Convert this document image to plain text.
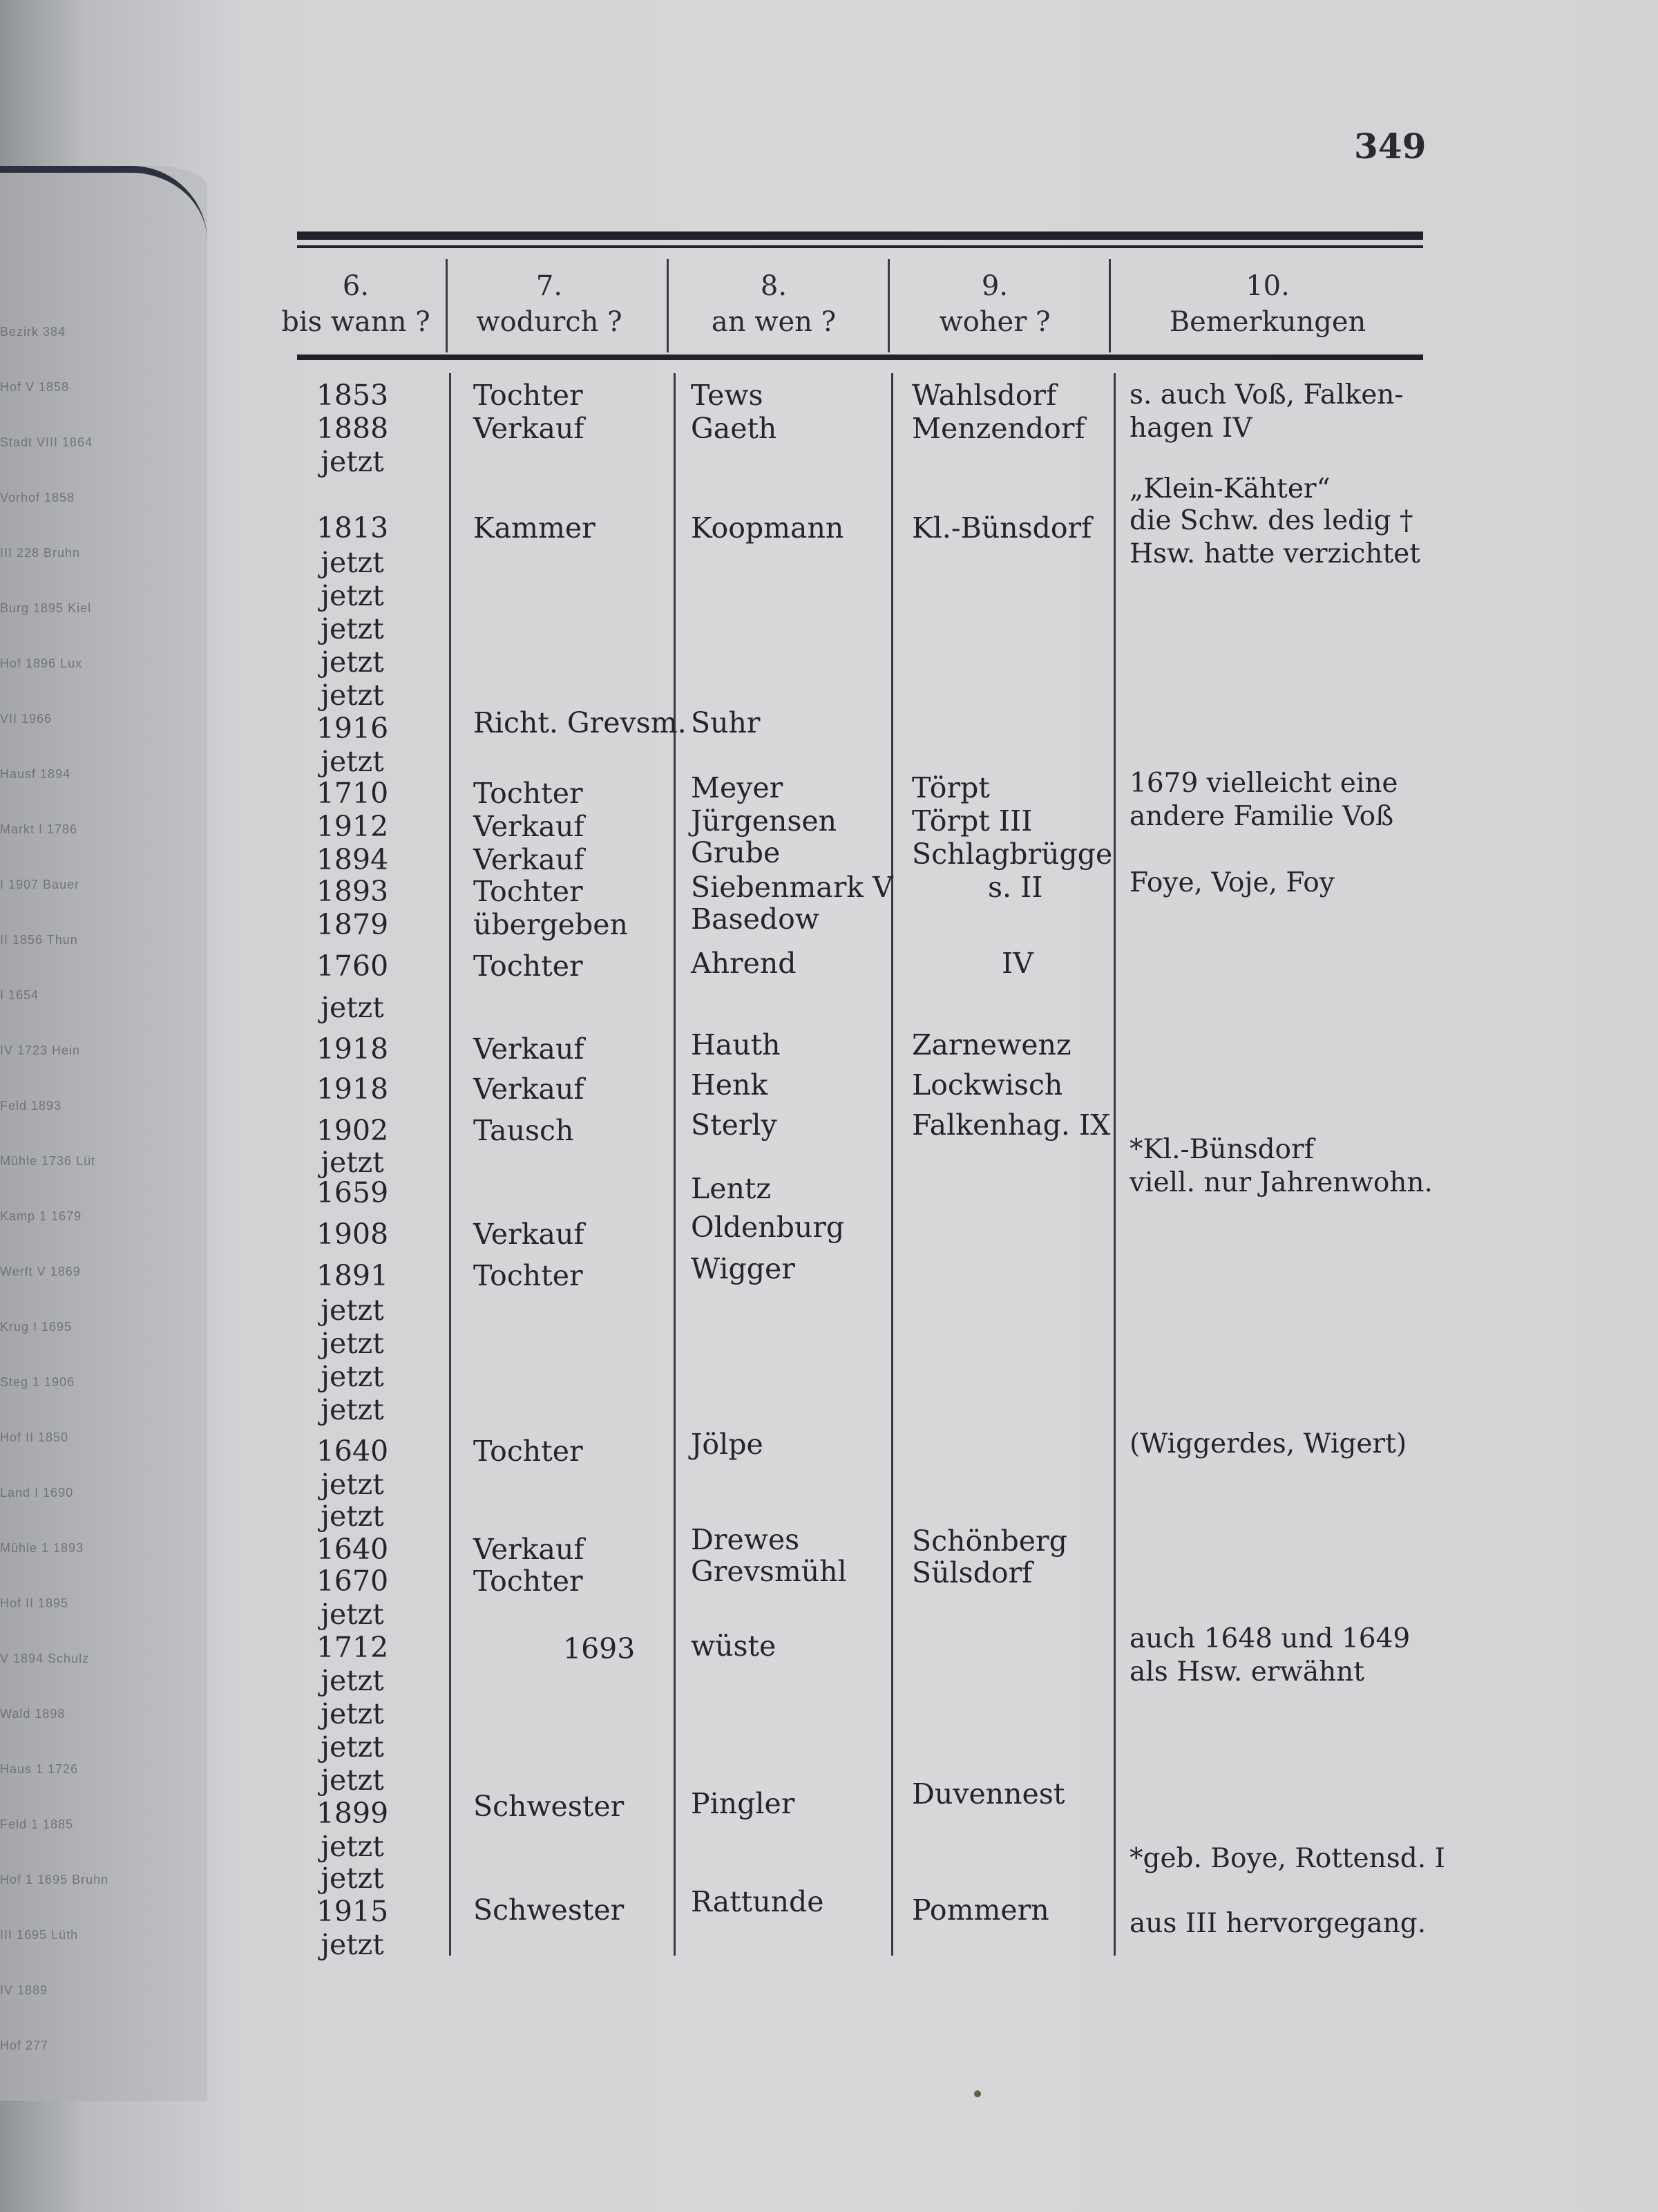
Bezirk 384
Hof V 1858
Stadt VIII 1864
Vorhof 1858
III 228 Bruhn
Burg 1895 Kiel
Hof 1896 Lux
VII 1966
Hausf 1894
Markt I 1786
I 1907 Bauer
II 1856 Thun
I 1654
IV 1723 Hein
Feld 1893
Mühle 1736 Lüt
Kamp 1 1679
Werft V 1869
Krug I 1695
Steg 1 1906
Hof II 1850
Land I 1690
Mühle 1 1893
Hof II 1895
V 1894 Schulz
Wald 1898
Haus 1 1726
Feld 1 1885
Hof 1 1695 Bruhn
III 1695 Lüth
IV 1889
Hof 277
349
6.
bis wann ?
7.
wodurch ?
8.
an wen ?
9.
woher ?
10.
Bemerkungen
1853
1888
jetzt
1813
jetzt
jetzt
jetzt
jetzt
jetzt
1916
jetzt
1710
1912
1894
1893
1879
1760
jetzt
1918
1918
1902
jetzt
1659
1908
1891
jetzt
jetzt
jetzt
jetzt
1640
jetzt
jetzt
1640
1670
jetzt
1712
jetzt
jetzt
jetzt
jetzt
1899
jetzt
jetzt
1915
jetzt
Tochter
Verkauf
Kammer
Richt. Grevsm.
Tochter
Verkauf
Verkauf
Tochter
übergeben
Tochter
Verkauf
Verkauf
Tausch
Verkauf
Tochter
Tochter
Verkauf
Tochter
1693
Schwester
Schwester
Tews
Gaeth
Koopmann
Suhr
Meyer
Jürgensen
Grube
Siebenmark V
Basedow
Ahrend
Hauth
Henk
Sterly
Lentz
Oldenburg
Wigger
Jölpe
Drewes
Grevsmühl
wüste
Pingler
Rattunde
Wahlsdorf
Menzendorf
Kl.-Bünsdorf
Törpt
Törpt III
Schlagbrügge
s. II
IV
Zarnewenz
Lockwisch
Falkenhag. IX
Schönberg
Sülsdorf
Duvennest
Pommern
s. auch Voß, Falken-
hagen IV
„Klein-Kähter“
die Schw. des ledig †
Hsw. hatte verzichtet
1679 vielleicht eine
andere Familie Voß
Foye, Voje, Foy
*Kl.-Bünsdorf
viell. nur Jahrenwohn.
(Wiggerdes, Wigert)
auch 1648 und 1649
als Hsw. erwähnt
*geb. Boye, Rottensd. I
aus III hervorgegang.
